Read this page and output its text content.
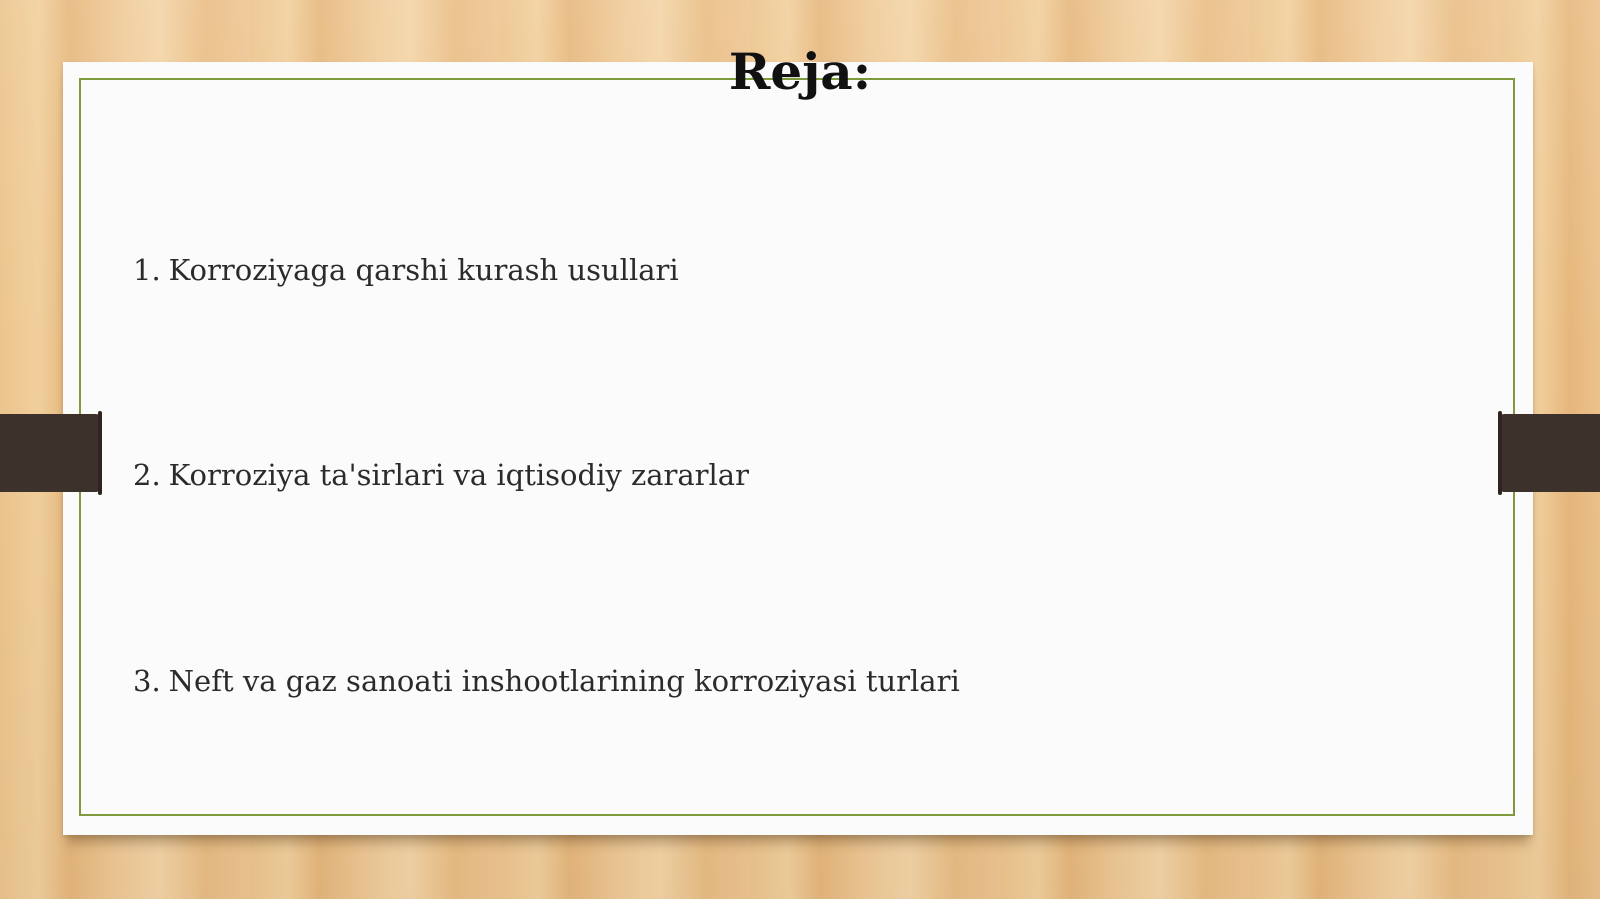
Reja:
1. Korroziyaga qarshi kurash usullari
2. Korroziya ta'sirlari va iqtisodiy zararlar
3. Neft va gaz sanoati inshootlarining korroziyasi turlari
